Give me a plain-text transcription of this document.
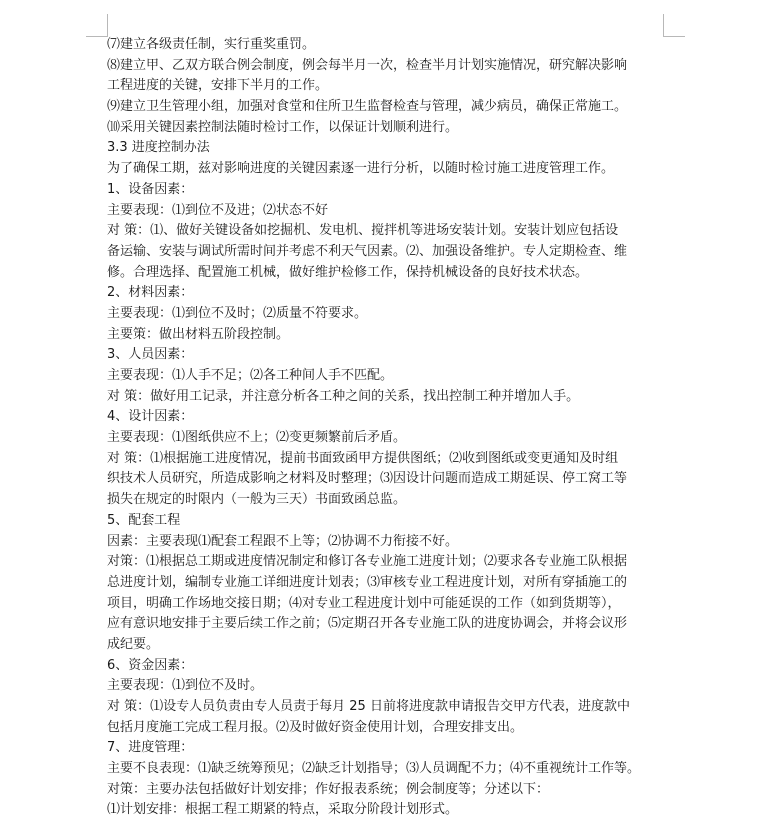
⑺建立各级责任制，实行重奖重罚。
⑻建立甲、乙双方联合例会制度，例会每半月一次，检查半月计划实施情况，研究解决影响
工程进度的关键，安排下半月的工作。
⑼建立卫生管理小组，加强对食堂和住所卫生监督检查与管理，减少病员，确保正常施工。
⑽采用关键因素控制法随时检讨工作，以保证计划顺利进行。
3.3 进度控制办法
为了确保工期，兹对影响进度的关键因素逐一进行分析，以随时检讨施工进度管理工作。
1、设备因素：
主要表现：⑴到位不及进；⑵状态不好
对 策：⑴、做好关键设备如挖掘机、发电机、搅拌机等进场安装计划。安装计划应包括设
备运输、安装与调试所需时间并考虑不利天气因素。⑵、加强设备维护。专人定期检查、维
修。合理选择、配置施工机械，做好维护检修工作，保持机械设备的良好技术状态。
2、材料因素：
主要表现：⑴到位不及时；⑵质量不符要求。
主要策：做出材料五阶段控制。
3、人员因素：
主要表现：⑴人手不足；⑵各工种间人手不匹配。
对 策：做好用工记录，并注意分析各工种之间的关系，找出控制工种并增加人手。
4、设计因素：
主要表现：⑴图纸供应不上；⑵变更频繁前后矛盾。
对 策：⑴根据施工进度情况，提前书面致函甲方提供图纸；⑵收到图纸或变更通知及时组
织技术人员研究，所造成影响之材料及时整理；⑶因设计问题而造成工期延误、停工窝工等
损失在规定的时限内（一般为三天）书面致函总监。
5、配套工程
因素：主要表现⑴配套工程跟不上等；⑵协调不力衔接不好。
对策：⑴根据总工期或进度情况制定和修订各专业施工进度计划；⑵要求各专业施工队根据
总进度计划，编制专业施工详细进度计划表；⑶审核专业工程进度计划，对所有穿插施工的
项目，明确工作场地交接日期；⑷对专业工程进度计划中可能延误的工作（如到货期等），
应有意识地安排于主要后续工作之前；⑸定期召开各专业施工队的进度协调会，并将会议形
成纪要。
6、资金因素：
主要表现：⑴到位不及时。
对 策：⑴设专人员负责由专人员责于每月 25 日前将进度款申请报告交甲方代表，进度款中
包括月度施工完成工程月报。⑵及时做好资金使用计划，合理安排支出。
7、进度管理：
主要不良表现：⑴缺乏统筹预见；⑵缺乏计划指导；⑶人员调配不力；⑷不重视统计工作等。
对策：主要办法包括做好计划安排；作好报表系统；例会制度等；分述以下：
⑴计划安排：根据工程工期紧的特点，采取分阶段计划形式。
